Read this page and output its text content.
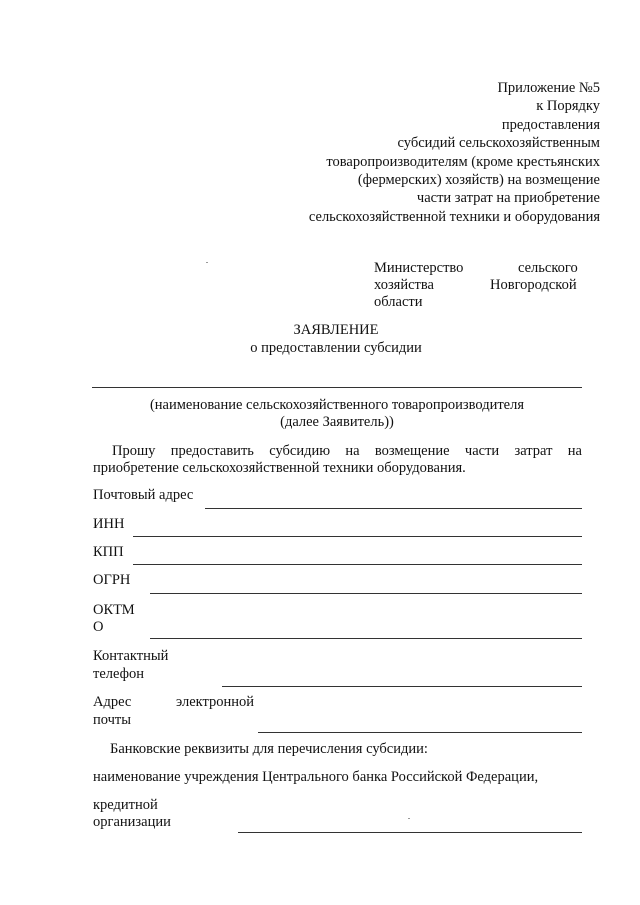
Приложение №5
к Порядку
предоставления
субсидий сельскохозяйственным
товаропроизводителям (кроме крестьянских
(фермерских) хозяйств) на возмещение
части затрат на приобретение
сельскохозяйственной техники и оборудования
Министерство	сельского
хозяйства	Новгородской
области
ЗАЯВЛЕНИЕ
о предоставлении субсидии
(наименование сельскохозяйственного товаропроизводителя
(далее Заявитель))
Прошу предоставить субсидию на возмещение части затрат на
приобретение сельскохозяйственной техники оборудования.
Почтовый адрес
ИНН
КПП
ОГРН
ОКТМ
О
Контактный
телефон
Адрес	электронной
почты
Банковские реквизиты для перечисления субсидии:
наименование учреждения Центрального банка Российской Федерации,
кредитной
организации
